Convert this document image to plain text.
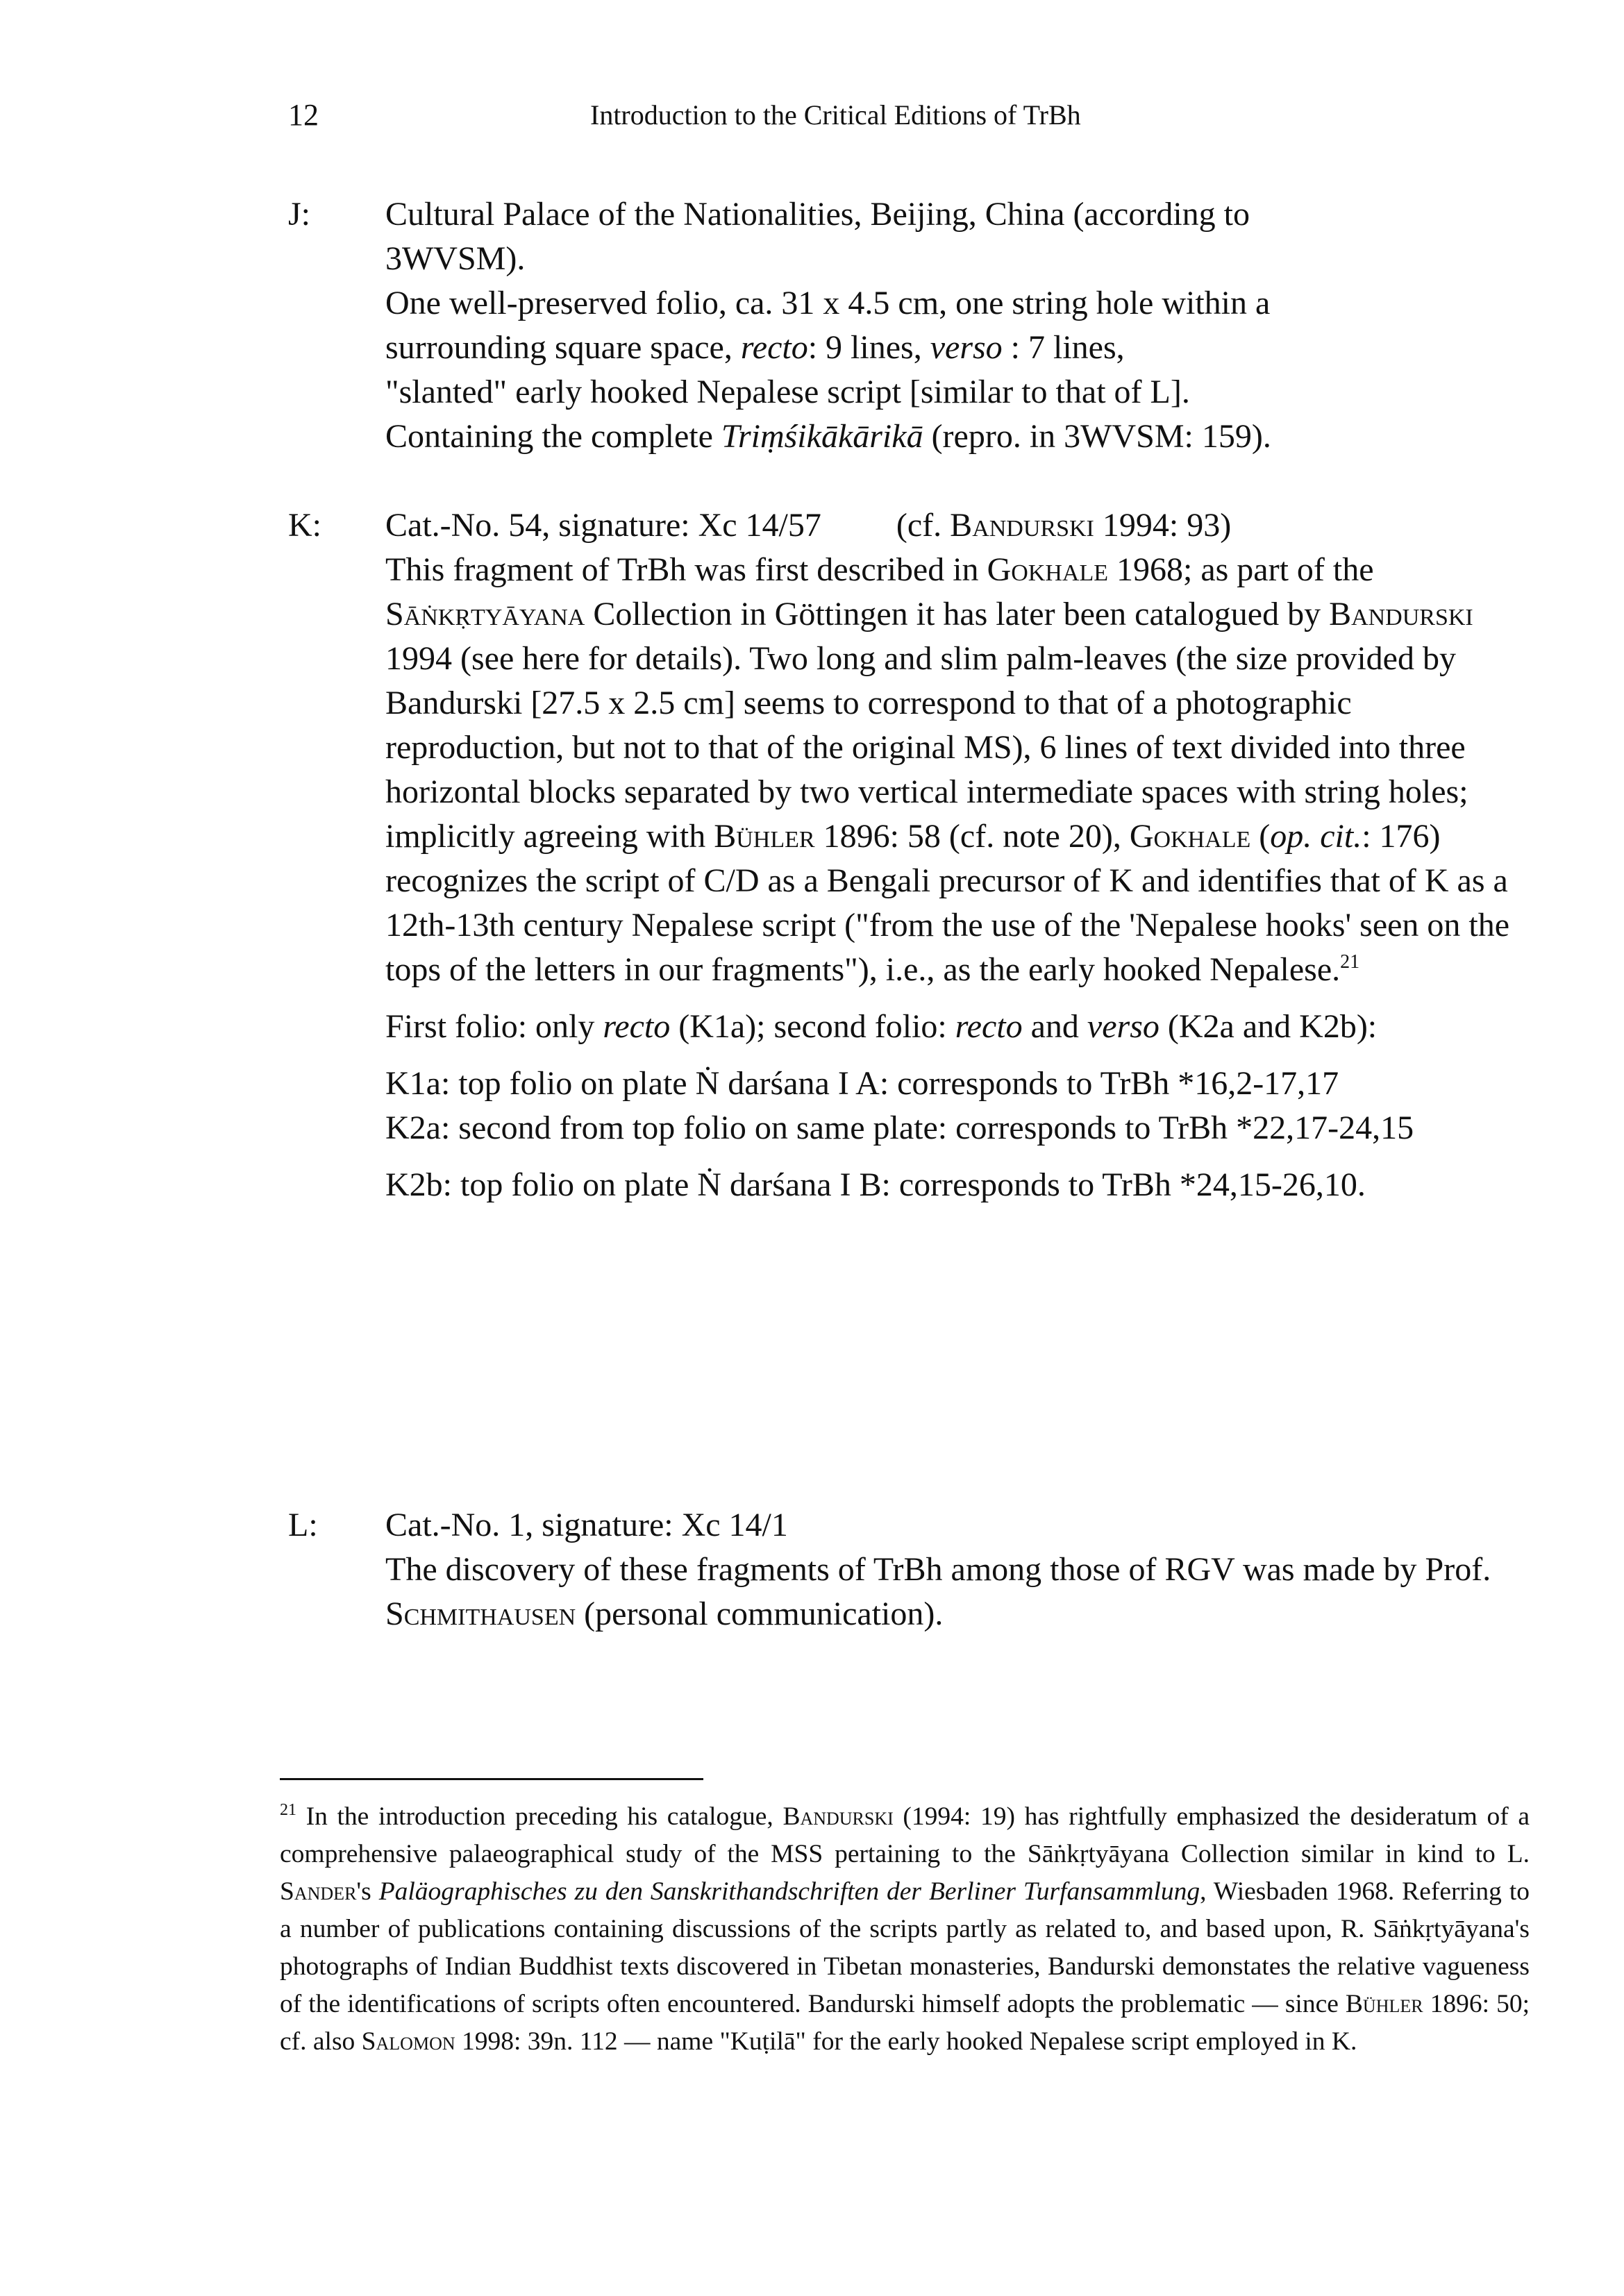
12	Introduction to the Critical Editions of TrBh
J: Cultural Palace of the Nationalities, Beijing, China (according to

3WVSM).

One well-preserved folio, ca. 31 x 4.5 cm, one string hole within a

surrounding square space, recto: 9 lines, verso : 7 lines,

"slanted" early hooked Nepalese script [similar to that of L].

Containing the complete Triṃśikākārikā (repro. in 3WVSM: 159).

K: Cat.-No. 54, signature: Xc 14/57         (cf. Bandurski 1994: 93)

This fragment of TrBh was first described in Gokhale 1968; as part of the Sāṅkṛtyāyana Collection in Göttingen it has later been catalogued by Bandurski 1994 (see here for details). Two long and slim palm-leaves (the size provided by Bandurski [27.5 x 2.5 cm] seems to correspond to that of a photographic reproduction, but not to that of the original MS), 6 lines of text divided into three horizontal blocks separated by two vertical intermediate spaces with string holes; implicitly agreeing with Bühler 1896: 58 (cf. note 20), Gokhale (op. cit.: 176) recognizes the script of C/D as a Bengali precursor of K and identifies that of K as a 12th-13th century Nepalese script ("from the use of the 'Nepalese hooks' seen on the tops of the letters in our fragments"), i.e., as the early hooked Nepalese.$^{21}$

First folio: only recto (K1a); second folio: recto and verso (K2a and K2b):

K1a: top folio on plate Ṅ darśana I A: corresponds to TrBh *16,2-17,17

K2a: second from top folio on same plate: corresponds to TrBh *22,17-24,15

K2b: top folio on plate Ṅ darśana I B: corresponds to TrBh *24,15-26,10.

L: Cat.-No. 1, signature: Xc 14/1

The discovery of these fragments of TrBh among those of RGV was made by Prof. Schmithausen (personal communication).

$^{21}$ In the introduction preceding his catalogue, Bandurski (1994: 19) has rightfully emphasized the desideratum of a comprehensive palaeographical study of the MSS pertaining to the Sāṅkṛtyāyana Collection similar in kind to L. Sander's Paläographisches zu den Sanskrithandschriften der Berliner Turfansammlung, Wiesbaden 1968. Referring to a number of publications containing discussions of the scripts partly as related to, and based upon, R. Sāṅkṛtyāyana's photographs of Indian Buddhist texts discovered in Tibetan monasteries, Bandurski demonstates the relative vagueness of the identifications of scripts often encountered. Bandurski himself adopts the problematic — since Bühler 1896: 50; cf. also Salomon 1998: 39n. 112 — name "Kuṭilā" for the early hooked Nepalese script employed in K.
